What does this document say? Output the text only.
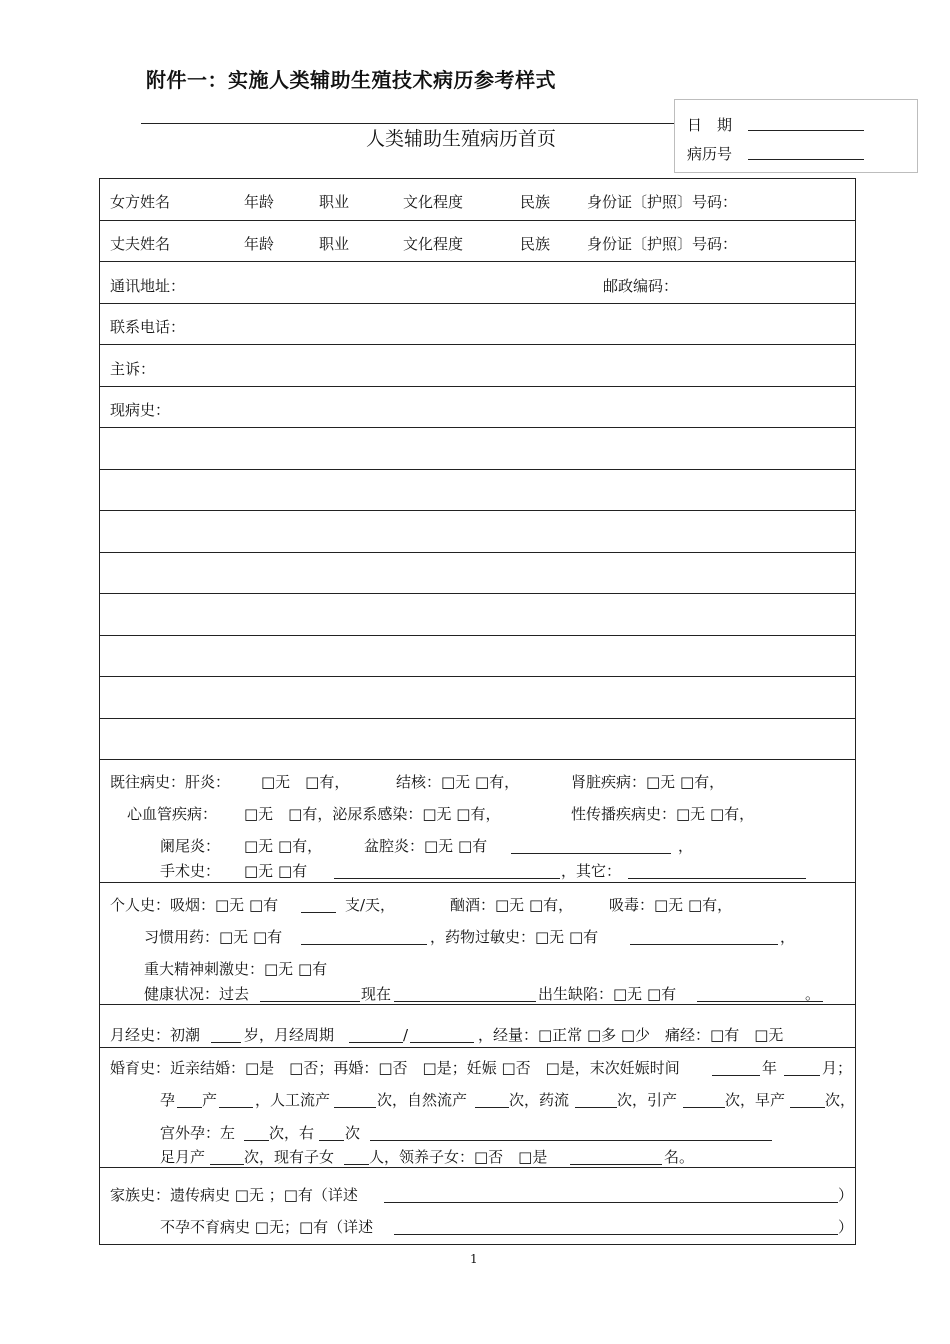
附件一：实施人类辅助生殖技术病历参考样式
人类辅助生殖病历首页
日　期
病历号
女方姓名	年龄	职业	文化程度	民族 身份证〔护照〕号码：
丈夫姓名	年龄	职业	文化程度	民族 身份证〔护照〕号码：
通讯地址：	邮政编码：
联系电话：
主诉：
现病史：
既往病史：肝炎： □无　□有，	结核：□无 □有，	肾脏疾病：□无 □有，
心血管疾病： □无　□有，泌尿系感染：□无 □有，	性传播疾病史：□无 □有，
阑尾炎： □无 □有，	盆腔炎：□无 □有	，
手术史： □无 □有	，其它：
个人史：吸烟：□无 □有	支/天，	酗酒：□无 □有， 吸毒：□无 □有，
习惯用药：□无 □有	，药物过敏史：□无 □有	，
重大精神刺激史：□无 □有
健康状况：过去	现在	出生缺陷：□无 □有	。
月经史：初潮	岁，月经周期	/	，经量：□正常 □多 □少　痛经：□有　□无
婚育史：近亲结婚：□是　□否；再婚：□否　□是；妊娠 □否　□是，末次妊娠时间	年	月；
孕 产	，人工流产	次，自然流产	次，药流	次，引产	次，早产	次，
宫外孕：左 次，右 次
足月产	次，现有子女 人，领养子女：□否　□是	名。
家族史：遗传病史 □无 ；□有（详述	）
不孕不育病史 □无；□有（详述	）
1
